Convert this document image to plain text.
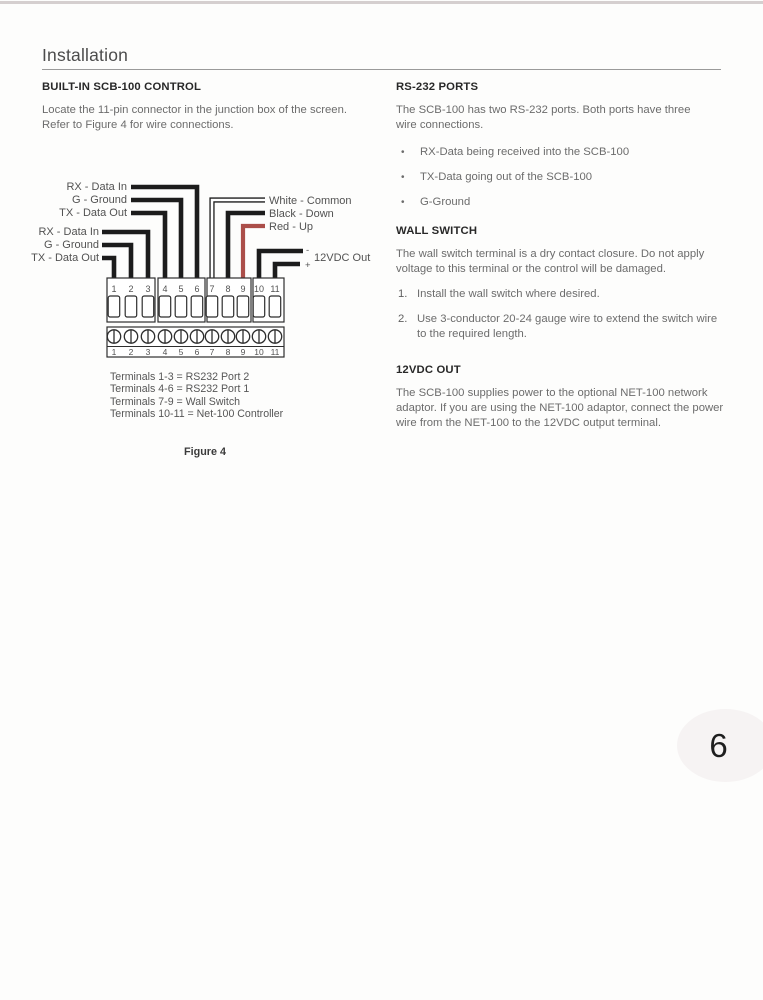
Installation
BUILT-IN SCB-100 CONTROL
Locate the 11-pin connector in the junction box of the screen.
Refer to Figure 4 for wire connections.
RX - Data In
G - Ground
TX - Data Out
RX - Data In
G - Ground
TX - Data Out
White - Common
Black - Down
Red - Up
-
+
12VDC Out
1 2 3 4 5 6 7 8 9 10 11
1 2 3 4 5 6 7 8 9 10 11
Terminals 1-3 = RS232 Port 2
Terminals 4-6 = RS232 Port 1
Terminals 7-9 = Wall Switch
Terminals 10-11 = Net-100 Controller
Figure 4
RS-232 PORTS
The SCB-100 has two RS-232 ports. Both ports have three
wire connections.
•	RX-Data being received into the SCB-100
•	TX-Data going out of the SCB-100
•	G-Ground
WALL SWITCH
The wall switch terminal is a dry contact closure. Do not apply
voltage to this terminal or the control will be damaged.
1. Install the wall switch where desired.
2. Use 3-conductor 20-24 gauge wire to extend the switch wire
to the required length.
12VDC OUT
The SCB-100 supplies power to the optional NET-100 network
adaptor. If you are using the NET-100 adaptor, connect the power
wire from the NET-100 to the 12VDC output terminal.
6
